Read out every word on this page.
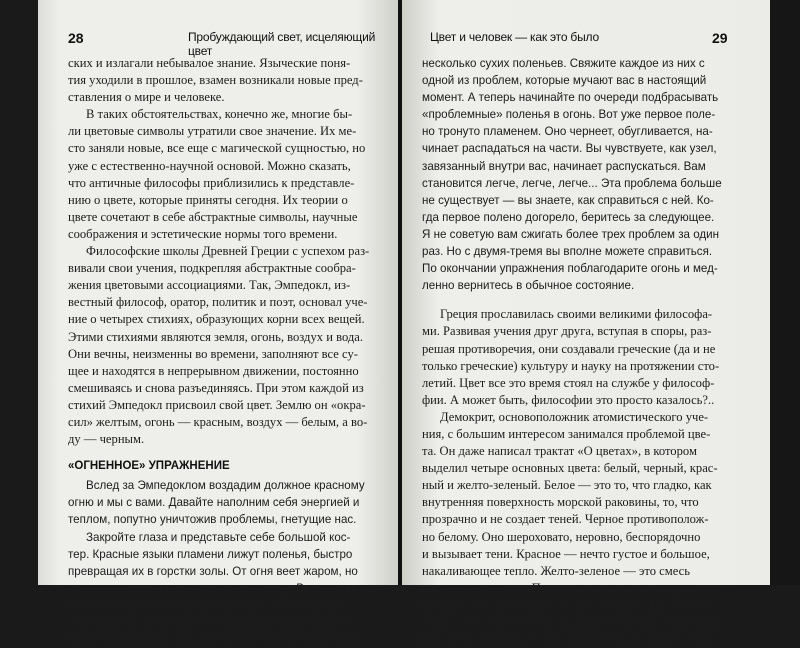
28	Пробуждающий свет, исцеляющий цвет
ских и излагали небывалое знание. Языческие поня-
тия уходили в прошлое, взамен возникали новые пред-
ставления о мире и человеке.
В таких обстоятельствах, конечно же, многие бы-
ли цветовые символы утратили свое значение. Их ме-
сто заняли новые, все еще с магической сущностью, но
уже с естественно-научной основой. Можно сказать,
что античные философы приблизились к представле-
нию о цвете, которые приняты сегодня. Их теории о
цвете сочетают в себе абстрактные символы, научные
соображения и эстетические нормы того времени.
Философские школы Древней Греции с успехом раз-
вивали свои учения, подкрепляя абстрактные сообра-
жения цветовыми ассоциациями. Так, Эмпедокл, из-
вестный философ, оратор, политик и поэт, основал уче-
ние о четырех стихиях, образующих корни всех вещей.
Этими стихиями являются земля, огонь, воздух и вода.
Они вечны, неизменны во времени, заполняют все су-
щее и находятся в непрерывном движении, постоянно
смешиваясь и снова разъединяясь. При этом каждой из
стихий Эмпедокл присвоил свой цвет. Землю он «окра-
сил» желтым, огонь — красным, воздух — белым, а во-
ду — черным.
«ОГНЕННОЕ» УПРАЖНЕНИЕ
Вслед за Эмпедоклом воздадим должное красному
огню и мы с вами. Давайте наполним себя энергией и
теплом, попутно уничтожив проблемы, гнетущие нас.
Закройте глаза и представьте себе большой кос-
тер. Красные языки пламени лижут поленья, быстро
превращая их в горстки золы. От огня веет жаром, но
вы знаете, что он не причинит вам вреда. Вы смотри-
те на костер, слегка прищурив глаза, и постепенно
согреваетесь. В какой-то момент к вам приходит же-
лание действовать. Мысленно положите перед собой
Цвет и человек — как это было	29
несколько сухих поленьев. Свяжите каждое из них с
одной из проблем, которые мучают вас в настоящий
момент. А теперь начинайте по очереди подбрасывать
«проблемные» поленья в огонь. Вот уже первое поле-
но тронуто пламенем. Оно чернеет, обугливается, на-
чинает распадаться на части. Вы чувствуете, как узел,
завязанный внутри вас, начинает распускаться. Вам
становится легче, легче, легче... Эта проблема больше
не существует — вы знаете, как справиться с ней. Ко-
гда первое полено догорело, беритесь за следующее.
Я не советую вам сжигать более трех проблем за один
раз. Но с двумя-тремя вы вполне можете справиться.
По окончании упражнения поблагодарите огонь и мед-
ленно вернитесь в обычное состояние.
Греция прославилась своими великими философа-
ми. Развивая учения друг друга, вступая в споры, раз-
решая противоречия, они создавали греческие (да и не
только греческие) культуру и науку на протяжении сто-
летий. Цвет все это время стоял на службе у философ-
фии. А может быть, философии это просто казалось?..
Демокрит, основоположник атомистического уче-
ния, с большим интересом занимался проблемой цве-
та. Он даже написал трактат «О цветах», в котором
выделил четыре основных цвета: белый, черный, крас-
ный и желто-зеленый. Белое — это то, что гладко, как
внутренняя поверхность морской раковины, то, что
прозрачно и не создает теней. Черное противополож-
но белому. Оно шероховато, неровно, беспорядочно
и вызывает тени. Красное — нечто густое и большое,
накаливающее тепло. Желто-зеленое — это смесь
плотного и пустого. При смешении основных простых
цветов получаются иные, более сложные. Так, золоти-
стый — это смесь белого и красного. А при смешении
красного, белого и черного (при большой доле красно-
